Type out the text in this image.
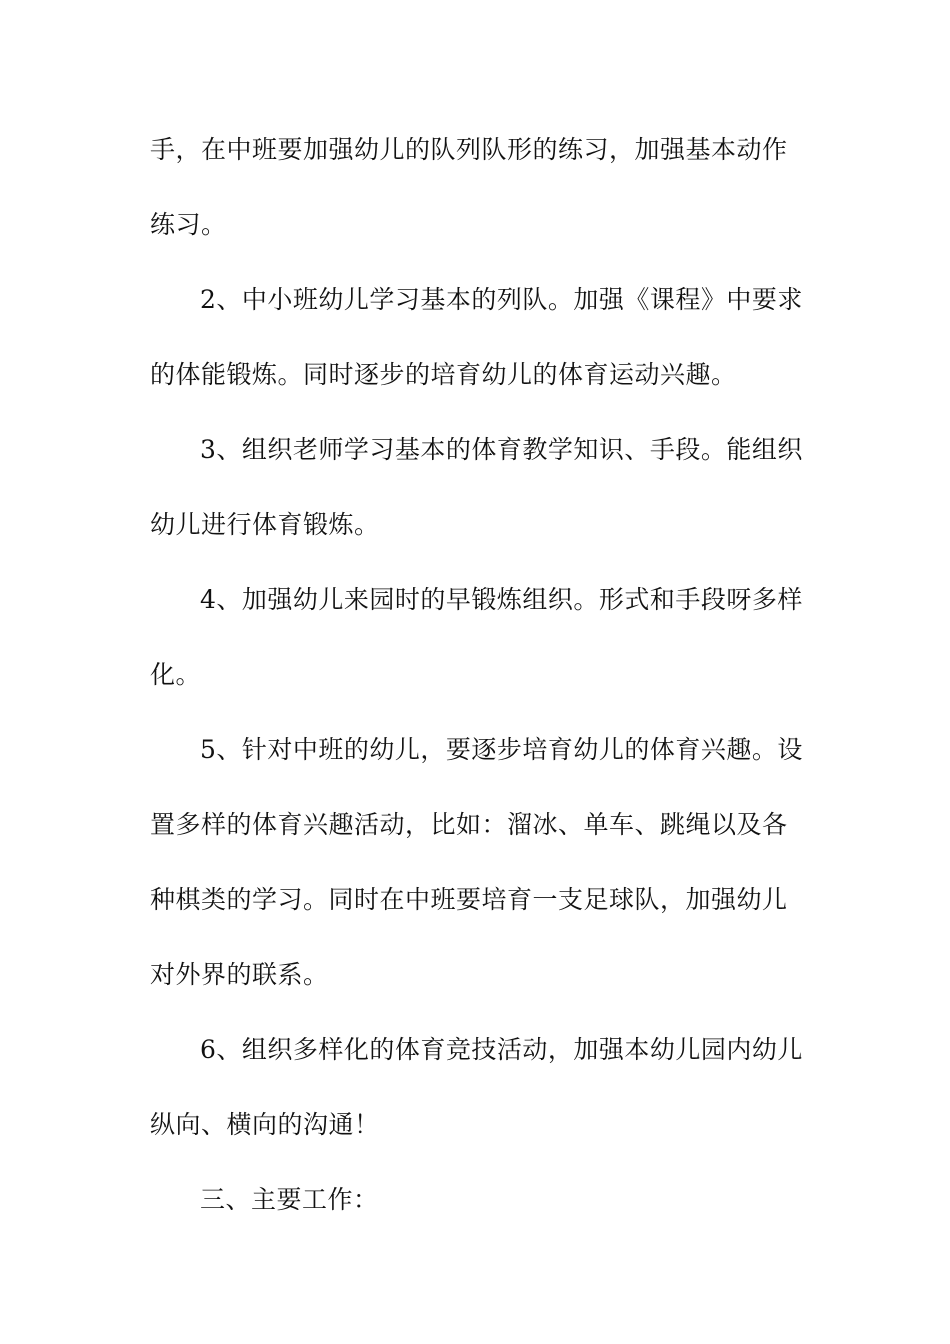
手，在中班要加强幼儿的队列队形的练习，加强基本动作
练习。
2、中小班幼儿学习基本的列队。加强《课程》中要求
的体能锻炼。同时逐步的培育幼儿的体育运动兴趣。
3、组织老师学习基本的体育教学知识、手段。能组织
幼儿进行体育锻炼。
4、加强幼儿来园时的早锻炼组织。形式和手段呀多样
化。
5、针对中班的幼儿，要逐步培育幼儿的体育兴趣。设
置多样的体育兴趣活动，比如：溜冰、单车、跳绳以及各
种棋类的学习。同时在中班要培育一支足球队，加强幼儿
对外界的联系。
6、组织多样化的体育竞技活动，加强本幼儿园内幼儿
纵向、横向的沟通！
三、主要工作：
